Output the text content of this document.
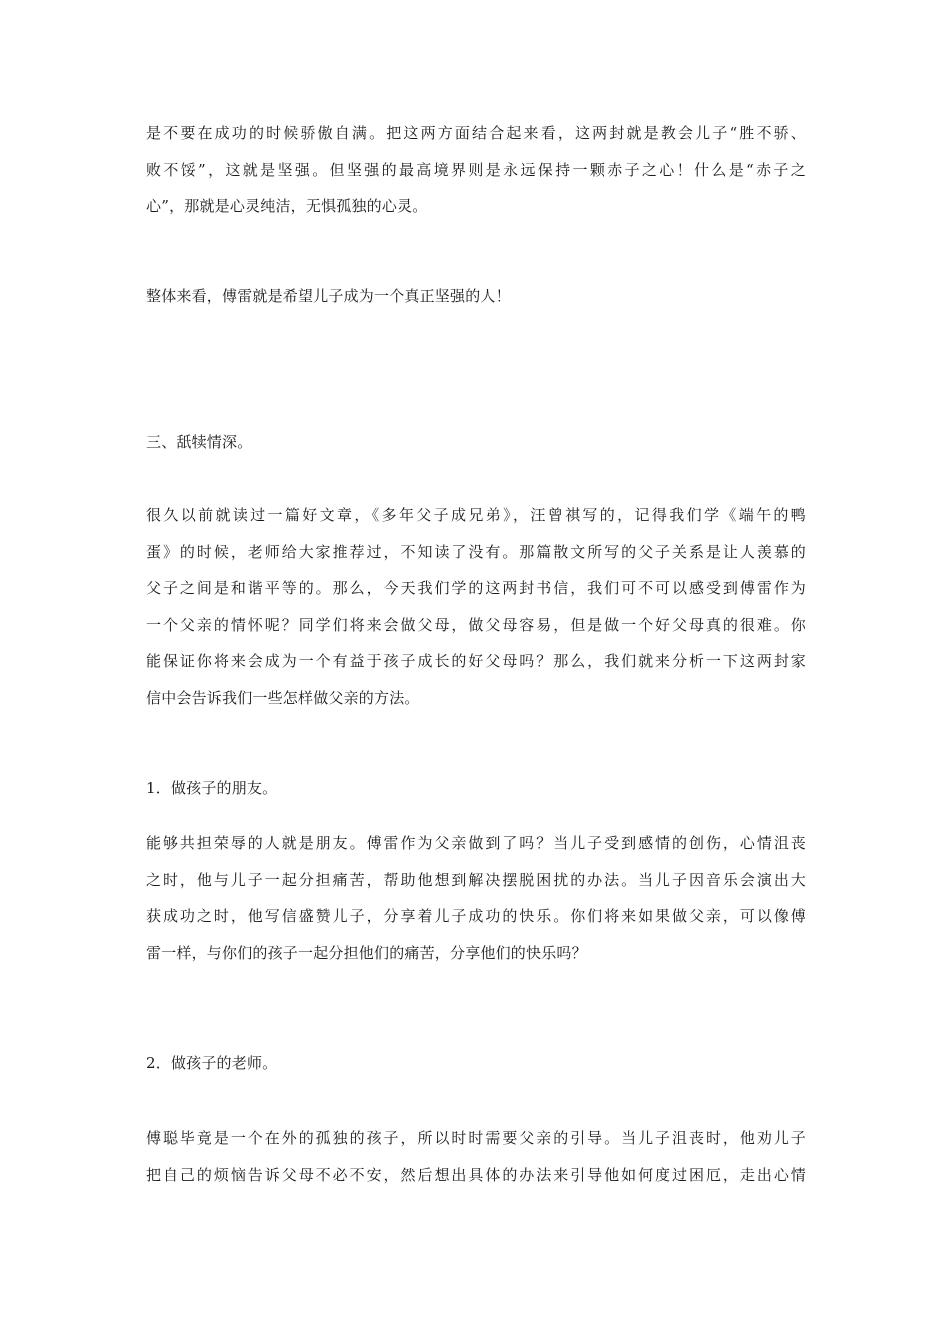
是不要在成功的时候骄傲自满。把这两方面结合起来看，这两封就是教会儿子“胜不骄、
败不馁”，这就是坚强。但坚强的最高境界则是永远保持一颗赤子之心！什么是“赤子之
心”，那就是心灵纯洁，无惧孤独的心灵。

整体来看，傅雷就是希望儿子成为一个真正坚强的人！

三、舐犊情深。

很久以前就读过一篇好文章，《多年父子成兄弟》，汪曾祺写的，记得我们学《端午的鸭
蛋》的时候，老师给大家推荐过，不知读了没有。那篇散文所写的父子关系是让人羡慕的
父子之间是和谐平等的。那么，今天我们学的这两封书信，我们可不可以感受到傅雷作为
一个父亲的情怀呢？同学们将来会做父母，做父母容易，但是做一个好父母真的很难。你
能保证你将来会成为一个有益于孩子成长的好父母吗？那么，我们就来分析一下这两封家
信中会告诉我们一些怎样做父亲的方法。

1．做孩子的朋友。

能够共担荣辱的人就是朋友。傅雷作为父亲做到了吗？当儿子受到感情的创伤，心情沮丧
之时，他与儿子一起分担痛苦，帮助他想到解决摆脱困扰的办法。当儿子因音乐会演出大
获成功之时，他写信盛赞儿子，分享着儿子成功的快乐。你们将来如果做父亲，可以像傅
雷一样，与你们的孩子一起分担他们的痛苦，分享他们的快乐吗？

2．做孩子的老师。

傅聪毕竟是一个在外的孤独的孩子，所以时时需要父亲的引导。当儿子沮丧时，他劝儿子
把自己的烦恼告诉父母不必不安，然后想出具体的办法来引导他如何度过困厄，走出心情
